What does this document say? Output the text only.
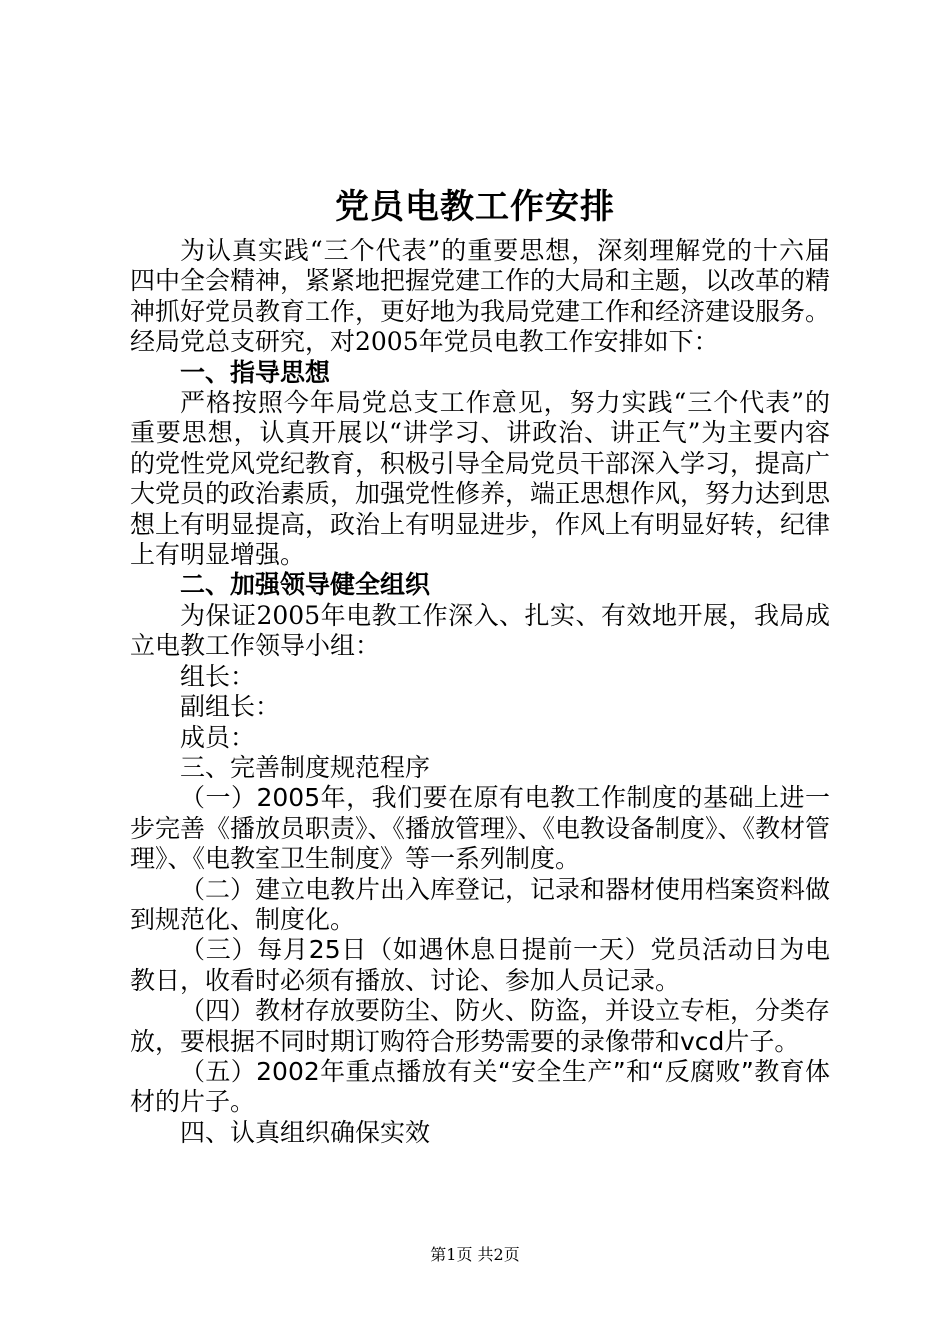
党员电教工作安排

为认真实践“三个代表”的重要思想，深刻理解党的十六届四中全会精神，紧紧地把握党建工作的大局和主题，以改革的精神抓好党员教育工作，更好地为我局党建工作和经济建设服务。经局党总支研究，对2005年党员电教工作安排如下：

一、指导思想

严格按照今年局党总支工作意见，努力实践“三个代表”的重要思想，认真开展以“讲学习、讲政治、讲正气”为主要内容的党性党风党纪教育，积极引导全局党员干部深入学习，提高广大党员的政治素质，加强党性修养，端正思想作风，努力达到思想上有明显提高，政治上有明显进步，作风上有明显好转，纪律上有明显增强。

二、加强领导健全组织

为保证2005年电教工作深入、扎实、有效地开展，我局成立电教工作领导小组：

组长：

副组长：

成员：

三、完善制度规范程序

（一）2005年，我们要在原有电教工作制度的基础上进一步完善《播放员职责》、《播放管理》、《电教设备制度》、《教材管理》、《电教室卫生制度》等一系列制度。

（二）建立电教片出入库登记，记录和器材使用档案资料做到规范化、制度化。

（三）每月25日（如遇休息日提前一天）党员活动日为电教日，收看时必须有播放、讨论、参加人员记录。

（四）教材存放要防尘、防火、防盗，并设立专柜，分类存放，要根据不同时期订购符合形势需要的录像带和vcd片子。

（五）2002年重点播放有关“安全生产”和“反腐败”教育体材的片子。

四、认真组织确保实效

第1页 共2页
